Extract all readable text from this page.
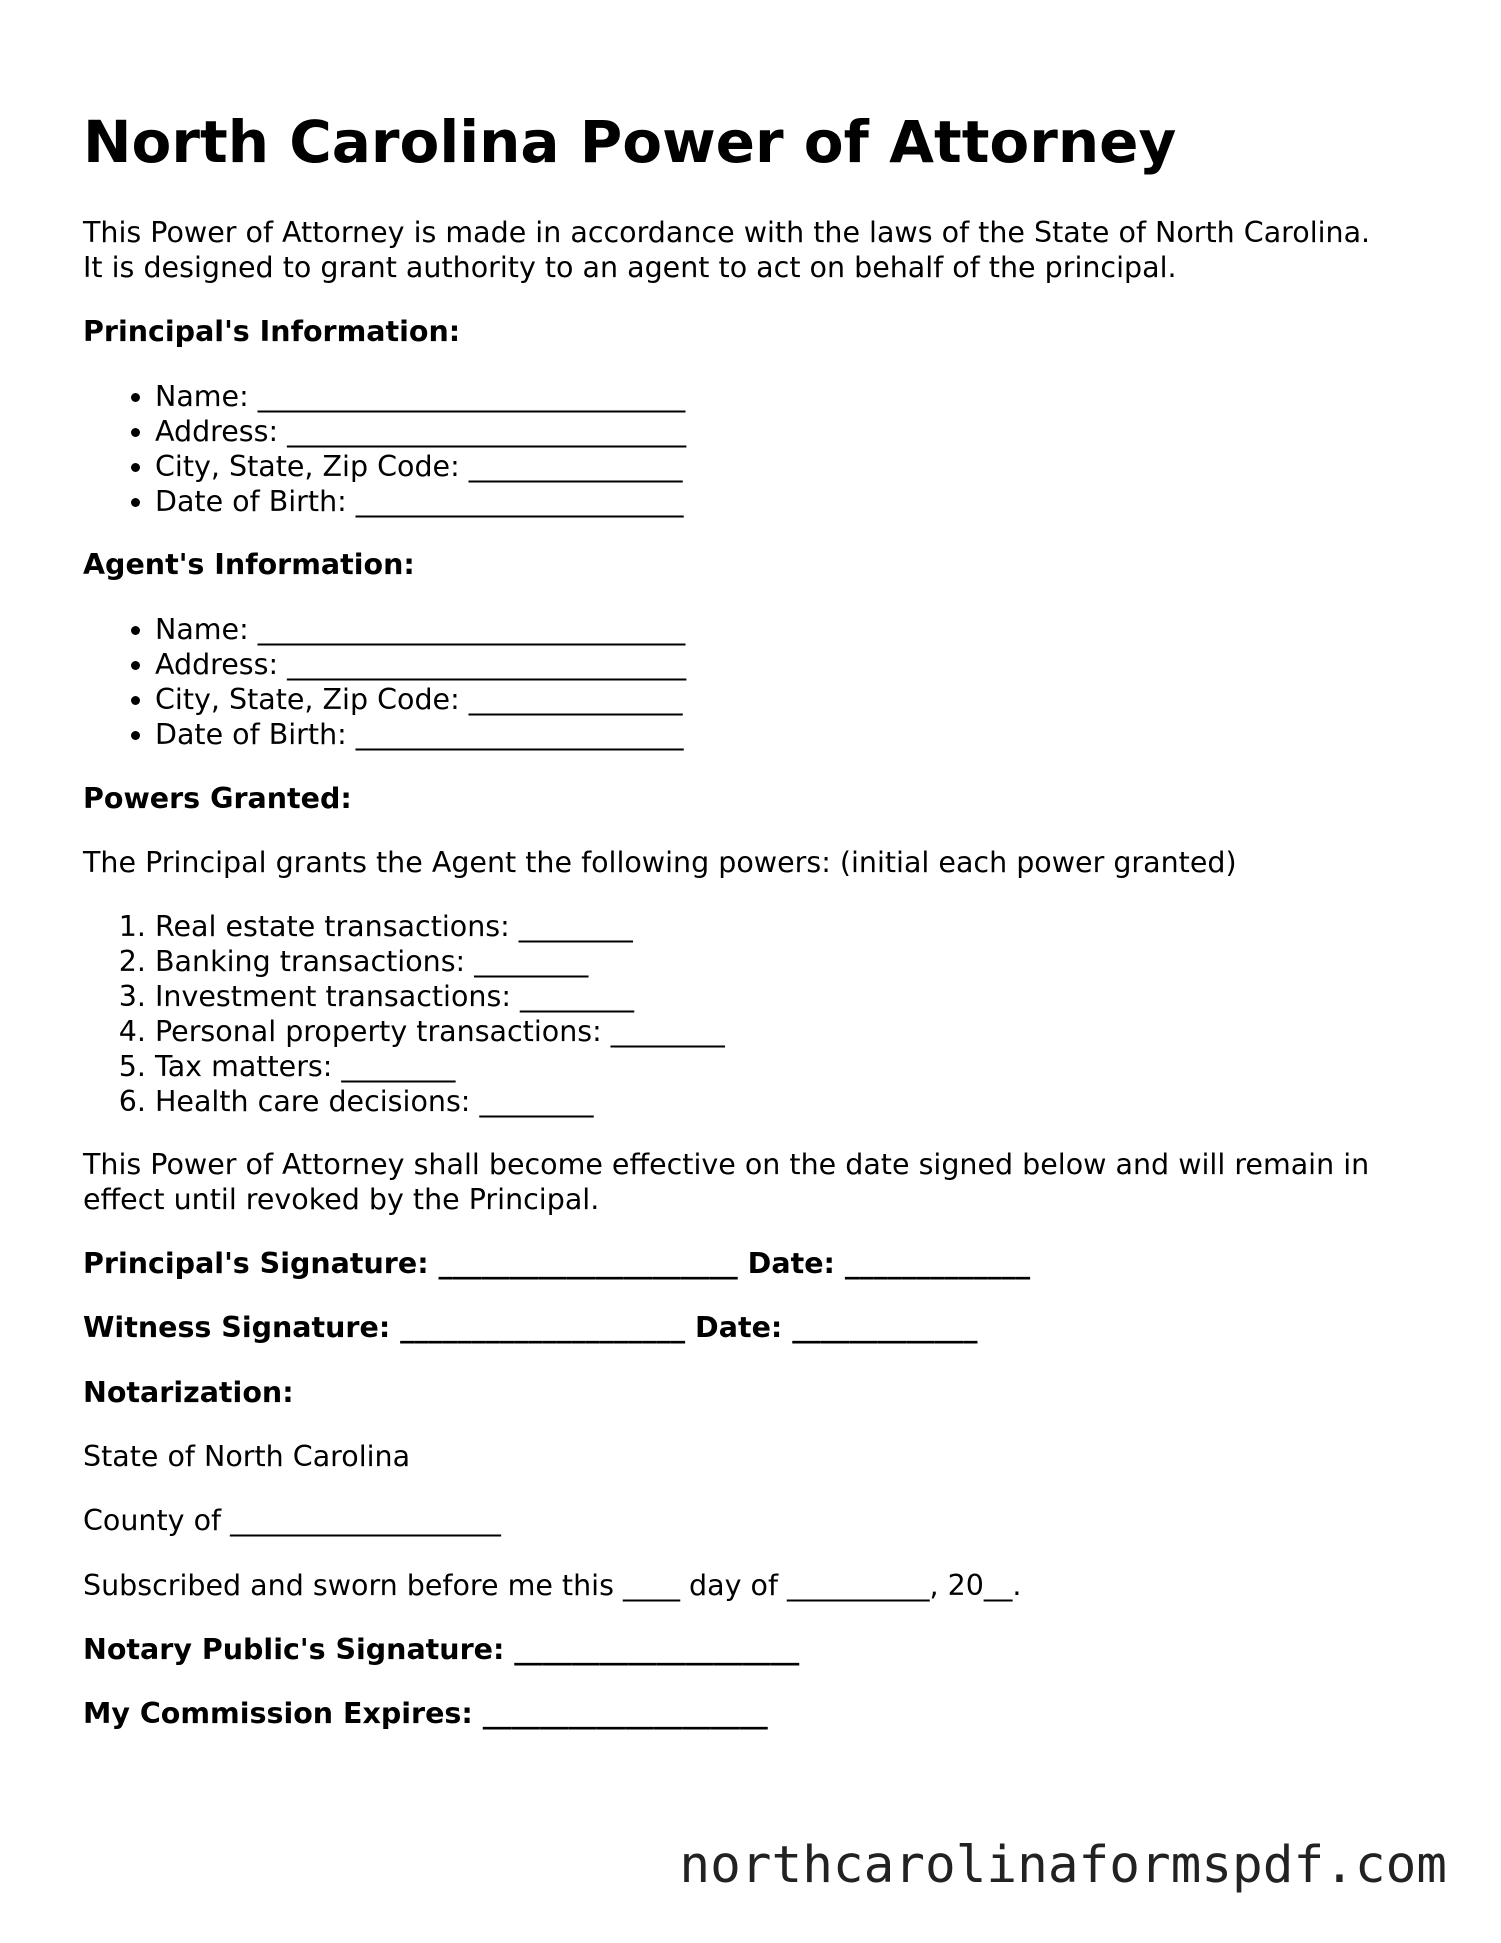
North Carolina Power of Attorney

This Power of Attorney is made in accordance with the laws of the State of North Carolina.

It is designed to grant authority to an agent to act on behalf of the principal.

Principal's Information:

• Name: ______________________________
• Address: ____________________________
• City, State, Zip Code: _______________
• Date of Birth: _______________________

Agent's Information:

• Name: ______________________________
• Address: ____________________________
• City, State, Zip Code: _______________
• Date of Birth: _______________________

Powers Granted:

The Principal grants the Agent the following powers: (initial each power granted)

1. Real estate transactions: ________
2. Banking transactions: ________
3. Investment transactions: ________
4. Personal property transactions: ________
5. Tax matters: ________
6. Health care decisions: ________

This Power of Attorney shall become effective on the date signed below and will remain in

effect until revoked by the Principal.

Principal's Signature: _____________________ Date: _____________

Witness Signature: ____________________ Date: _____________

Notarization:

State of North Carolina

County of ___________________

Subscribed and sworn before me this ____ day of __________, 20__.

Notary Public's Signature: ____________________

My Commission Expires: ____________________

northcarolinaformspdf.com
